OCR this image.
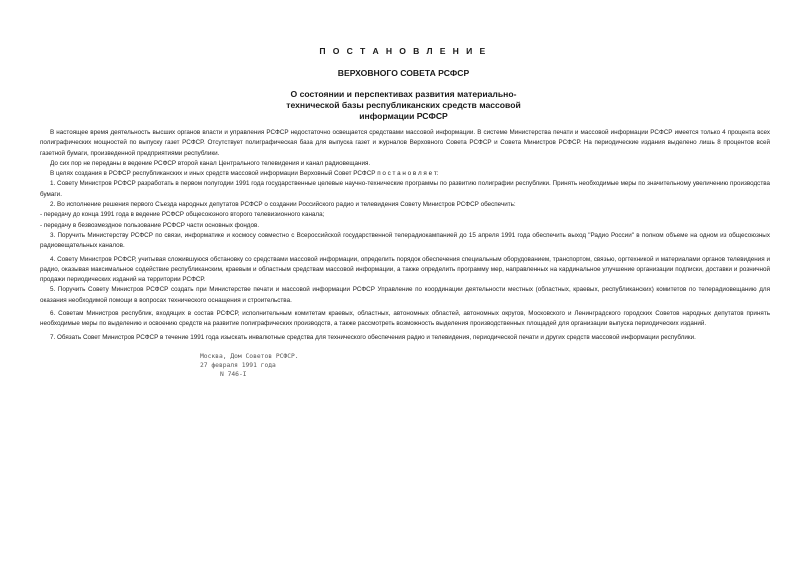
П О С Т А Н О В Л Е Н И Е
ВЕРХОВНОГО СОВЕТА РСФСР
О состоянии и перспективах развития материально-
технической базы республиканских средств массовой
информации РСФСР

В настоящее время деятельность высших органов власти и управления РСФСР недостаточно освещается средствами массовой информации. В системе Министерства печати и массовой информации РСФСР имеется только 4 процента всех полиграфических мощностей по выпуску газет РСФСР. Отсутствует полиграфическая база для выпуска газет и журналов Верховного Совета РСФСР и Совета Министров РСФСР. На периодические издания выделено лишь 8 процентов всей газетной бумаги, произведенной предприятиями республики.

До сих пор не переданы в ведение РСФСР второй канал Центрального телевидения и канал радиовещания.

В целях создания в РСФСР республиканских и иных средств массовой информации Верховный Совет РСФСР п о с т а н о в л я е т:

1. Совету Министров РСФСР разработать в первом полугодии 1991 года государственные целевые научно-технические программы по развитию полиграфии республики. Принять необходимые меры по значительному увеличению производства бумаги.

2. Во исполнение решения первого Съезда народных депутатов РСФСР о создании Российского радио и телевидения Совету Министров РСФСР обеспечить:

- передачу до конца 1991 года в ведение РСФСР общесоюзного второго телевизионного канала;

- передачу в безвозмездное пользование РСФСР части основных фондов.

3. Поручить Министерству РСФСР по связи, информатике и космосу совместно с Всероссийской государственной телерадиокампанией до 15 апреля 1991 года обеспечить выход "Радио России" в полном объеме на одном из общесоюзных радиовещательных каналов.

4. Совету Министров РСФСР, учитывая сложившуюся обстановку со средствами массовой информации, определить порядок обеспечения специальным оборудованием, транспортом, связью, оргтехникой и материалами органов телевидения и радио, оказывая максимальное содействие республиканским, краевым и областным средствам массовой информации, а также определить программу мер, направленных на кардинальное улучшение организации подписки, доставки и розничной продажи периодических изданий на территории РСФСР.

5. Поручить Совету Министров РСФСР создать при Министерстве печати и массовой информации РСФСР Управление по координации деятельности местных (областных, краевых, республиканских) комитетов по телерадиовещанию для оказания необходимой помощи в вопросах технического оснащения и строительства.

6. Советам Министров республик, входящих в состав РСФСР, исполнительным комитетам краевых, областных, автономных областей, автономных округов, Московского и Ленинградского городских Советов народных депутатов принять необходимые меры по выделению и освоению средств на развитие полиграфических производств, а также рассмотреть возможность выделения производственных площадей для организации выпуска периодических изданий.

7. Обязать Совет Министров РСФСР в течение 1991 года изыскать инвалютные средства для технического обеспечения радио и телевидения, периодической печати и других средств массовой информации республики.

Москва, Дом Советов РСФСР.
27 февраля 1991 года
N 746-I
